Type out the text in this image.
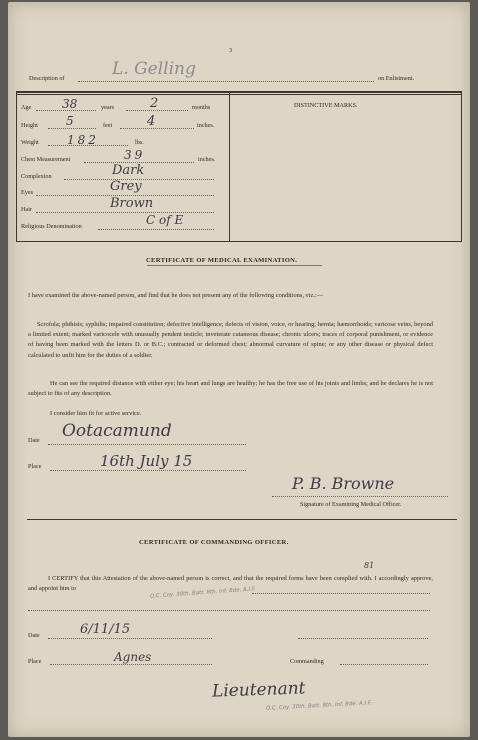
3
Description of	L. Gelling	on Enlistment.
Age	38	years	2	months
Height 5	feet	4	inches.
Weight 182	lbs.
Chest Measurement	39	inches.
Complexion	Dark
Eyes	Grey
Hair	Brown
Religious Denomination	C of E
DISTINCTIVE MARKS.
CERTIFICATE OF MEDICAL EXAMINATION.
I have examined the above-named person, and find that he does not present any of the following conditions, viz.:—
Scrofula; phthisis; syphilis; impaired constitution; defective intelligence; defects of vision, voice, or hearing; hernia; hæmorrhoids; varicose veins, beyond a limited extent; marked varicocele with unusually pendent testicle; inveterate cutaneous disease; chronic ulcers; traces of corporal punishment, or evidence of having been marked with the letters D. or B.C.; contracted or deformed chest; abnormal curvature of spine; or any other disease or physical defect calculated to unfit him for the duties of a soldier.
He can see the required distance with either eye; his heart and lungs are healthy; he has the free use of his joints and limbs; and he declares he is not subject to fits of any description.
I consider him fit for active service.
Date Ootacamund
Place	16th July 15
P. B. Browne
Signature of Examining Medical Officer.
CERTIFICATE OF COMMANDING OFFICER.
I CERTIFY that this Attestation of the above-named person is correct, and that the required forms have been complied with. I accordingly approve, and appoint him to
81
O.C. Coy. 30th. Batt. 8th. Inf. Bde. A.I.F.
Date	6/11/15
Place	Agnes	Commanding
Lieutenant
O.C. Coy. 30th. Batt. 8th. Inf. Bde. A.I.F.
